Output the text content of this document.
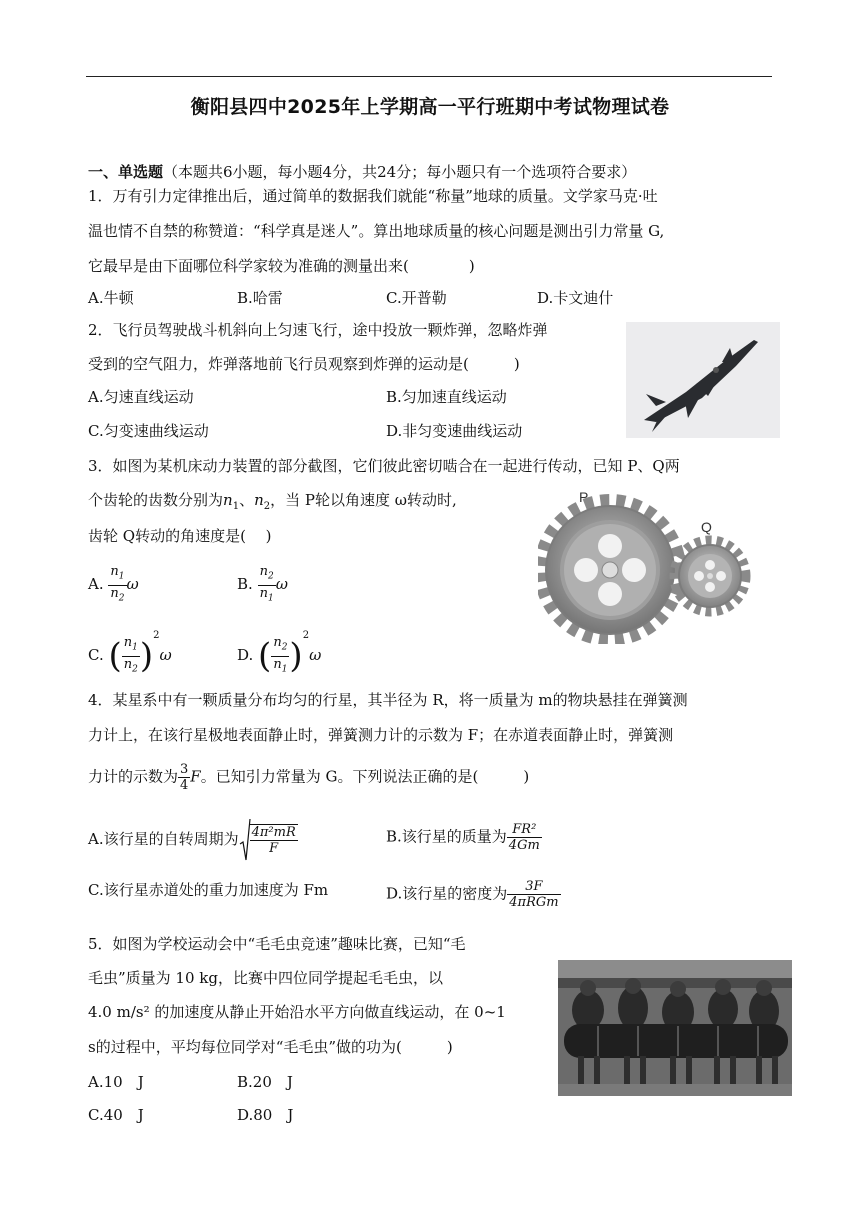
衡阳县四中2025年上学期高一平行班期中考试物理试卷
一、单选题（本题共6小题，每小题4分，共24分；每小题只有一个选项符合要求）
1．万有引力定律推出后，通过简单的数据我们就能“称量”地球的质量。文学家马克·吐
温也情不自禁的称赞道：“科学真是迷人”。算出地球质量的核心问题是测出引力常量 G,
它最早是由下面哪位科学家较为准确的测量出来(　　　　)
A.牛顿	B.哈雷	C.开普勒	D.卡文迪什
2．飞行员驾驶战斗机斜向上匀速飞行，途中投放一颗炸弹，忽略炸弹
受到的空气阻力，炸弹落地前飞行员观察到炸弹的运动是(　　　)
A.匀速直线运动	B.匀加速直线运动
C.匀变速曲线运动	D.非匀变速曲线运动
3．如图为某机床动力装置的部分截图，它们彼此密切啮合在一起进行传动，已知 P、Q两
个齿轮的齿数分别为$n_1$、$n_2$，当 P轮以角速度 ω转动时,
齿轮 Q转动的角速度是(　 )
A. $\frac{n_1}{n_2}$ ω	B. $\frac{n_2}{n_1}$ ω
C. ( $\frac{n_1}{n_2} )^2\omega$	D. ( $\frac{n_2}{n_1} )^2\omega$
P
Q
4．某星系中有一颗质量分布均匀的行星，其半径为 R，将一质量为 m的物块悬挂在弹簧测
力计上，在该行星极地表面静止时，弹簧测力计的示数为 F；在赤道表面静止时，弹簧测
力计的示数为 $\frac{3}{4}$ F。已知引力常量为 G。下列说法正确的是(　　　)
A.该行星的自转周期为 $\frac{\text{4π²mR}}{F}$	B.该行星的质量为 $\frac{\text{FR²}}{4Gm}$
C.该行星赤道处的重力加速度为 Fm	D.该行星的密度为 $\frac{3F}{\text{4πRGm}}$
5．如图为学校运动会中“毛毛虫竞速”趣味比赛，已知“毛
毛虫”质量为 10 kg，比赛中四位同学提起毛毛虫，以
4.0 m/s² 的加速度从静止开始沿水平方向做直线运动，在 0~1
s的过程中，平均每位同学对“毛毛虫”做的功为(　　　)
A.10　J	B.20　J
C.40　J	D.80　J
